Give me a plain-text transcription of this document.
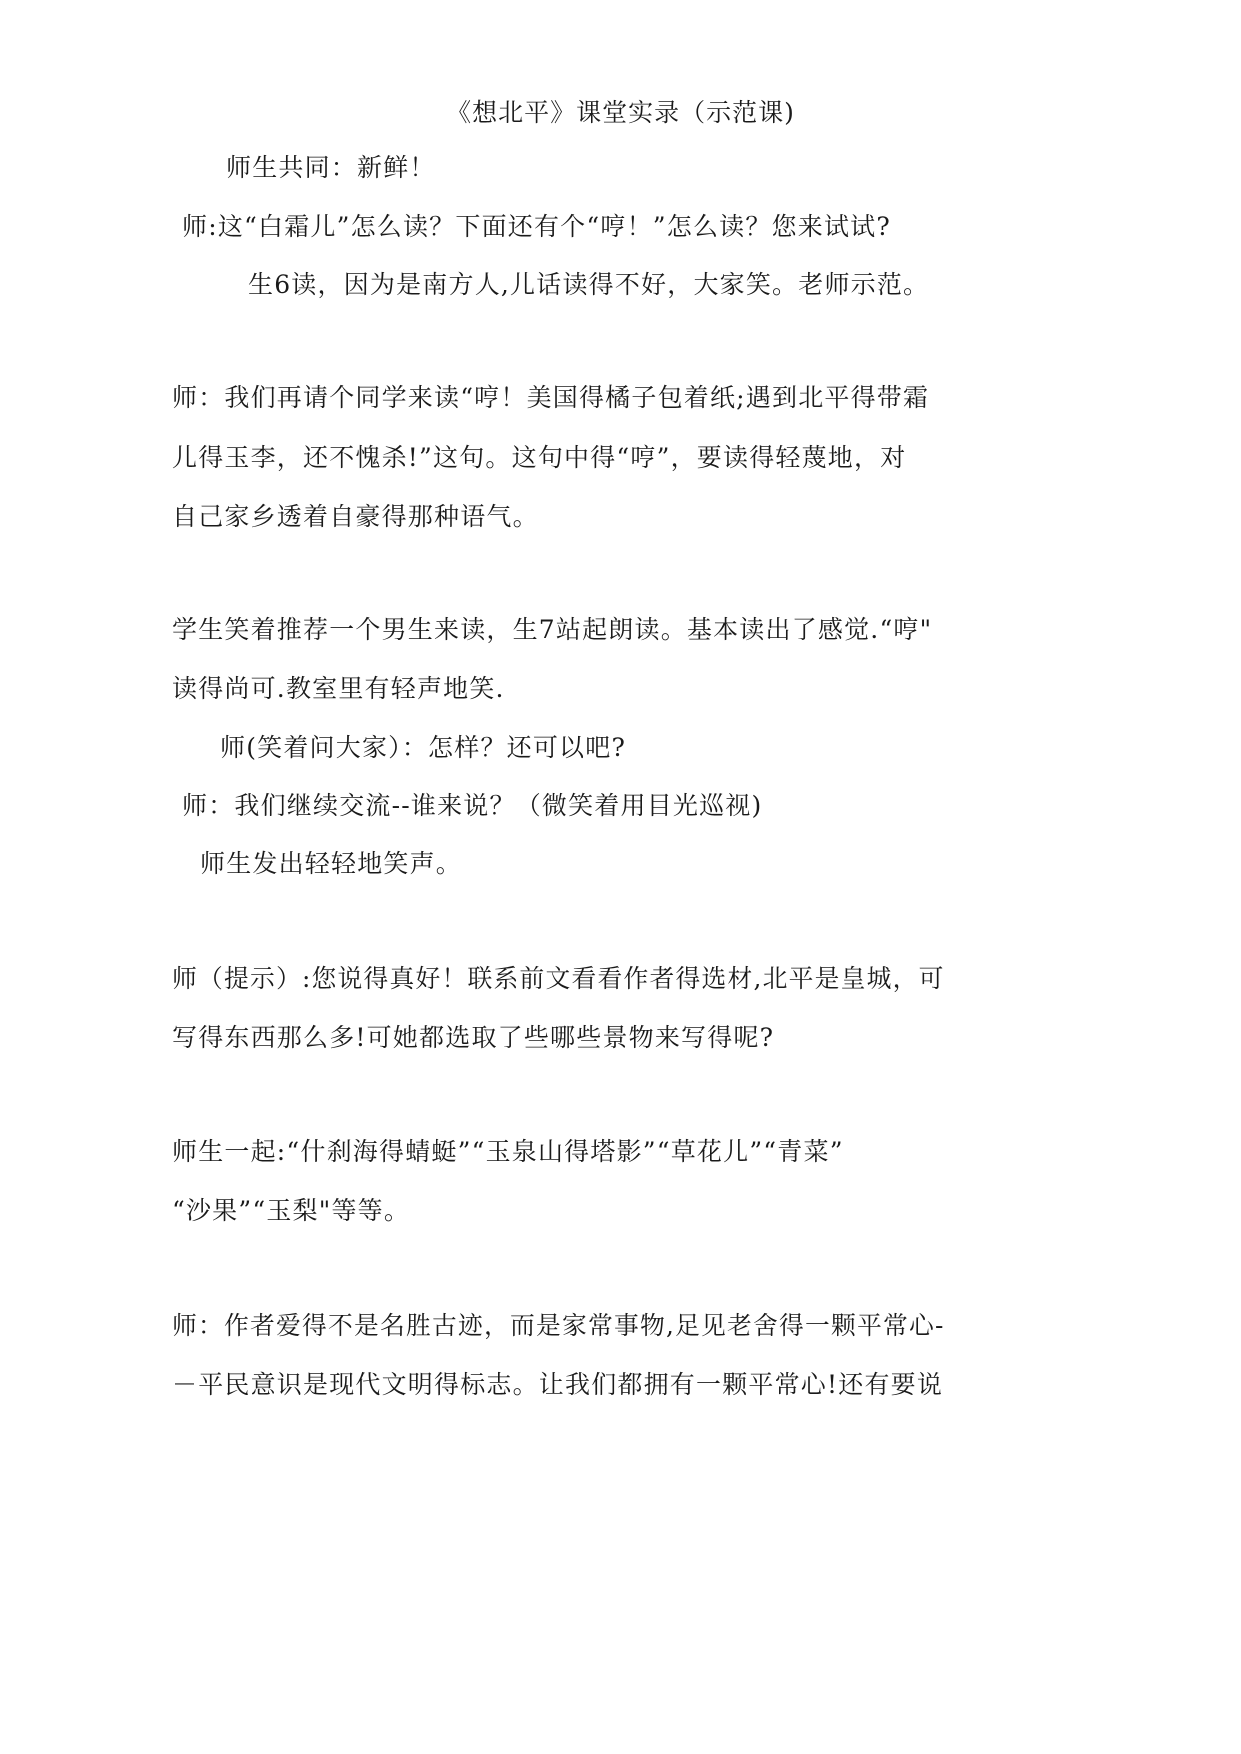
《想北平》课堂实录（示范课)
师生共同：新鲜！
师:这“白霜儿”怎么读？下面还有个“哼！”怎么读？您来试试?
生6读，因为是南方人,儿话读得不好，大家笑。老师示范。
师：我们再请个同学来读“哼！美国得橘子包着纸;遇到北平得带霜
儿得玉李，还不愧杀!”这句。这句中得“哼”，要读得轻蔑地，对
自己家乡透着自豪得那种语气。
学生笑着推荐一个男生来读，生7站起朗读。基本读出了感觉.“哼"
读得尚可.教室里有轻声地笑.
师(笑着问大家）：怎样？还可以吧?
师：我们继续交流--谁来说？（微笑着用目光巡视)
师生发出轻轻地笑声。
师（提示）:您说得真好！联系前文看看作者得选材,北平是皇城，可
写得东西那么多!可她都选取了些哪些景物来写得呢?
师生一起:“什刹海得蜻蜓”“玉泉山得塔影”“草花儿”“青菜”
“沙果”“玉梨"等等。
师：作者爱得不是名胜古迹，而是家常事物,足见老舍得一颗平常心-
－平民意识是现代文明得标志。让我们都拥有一颗平常心!还有要说
